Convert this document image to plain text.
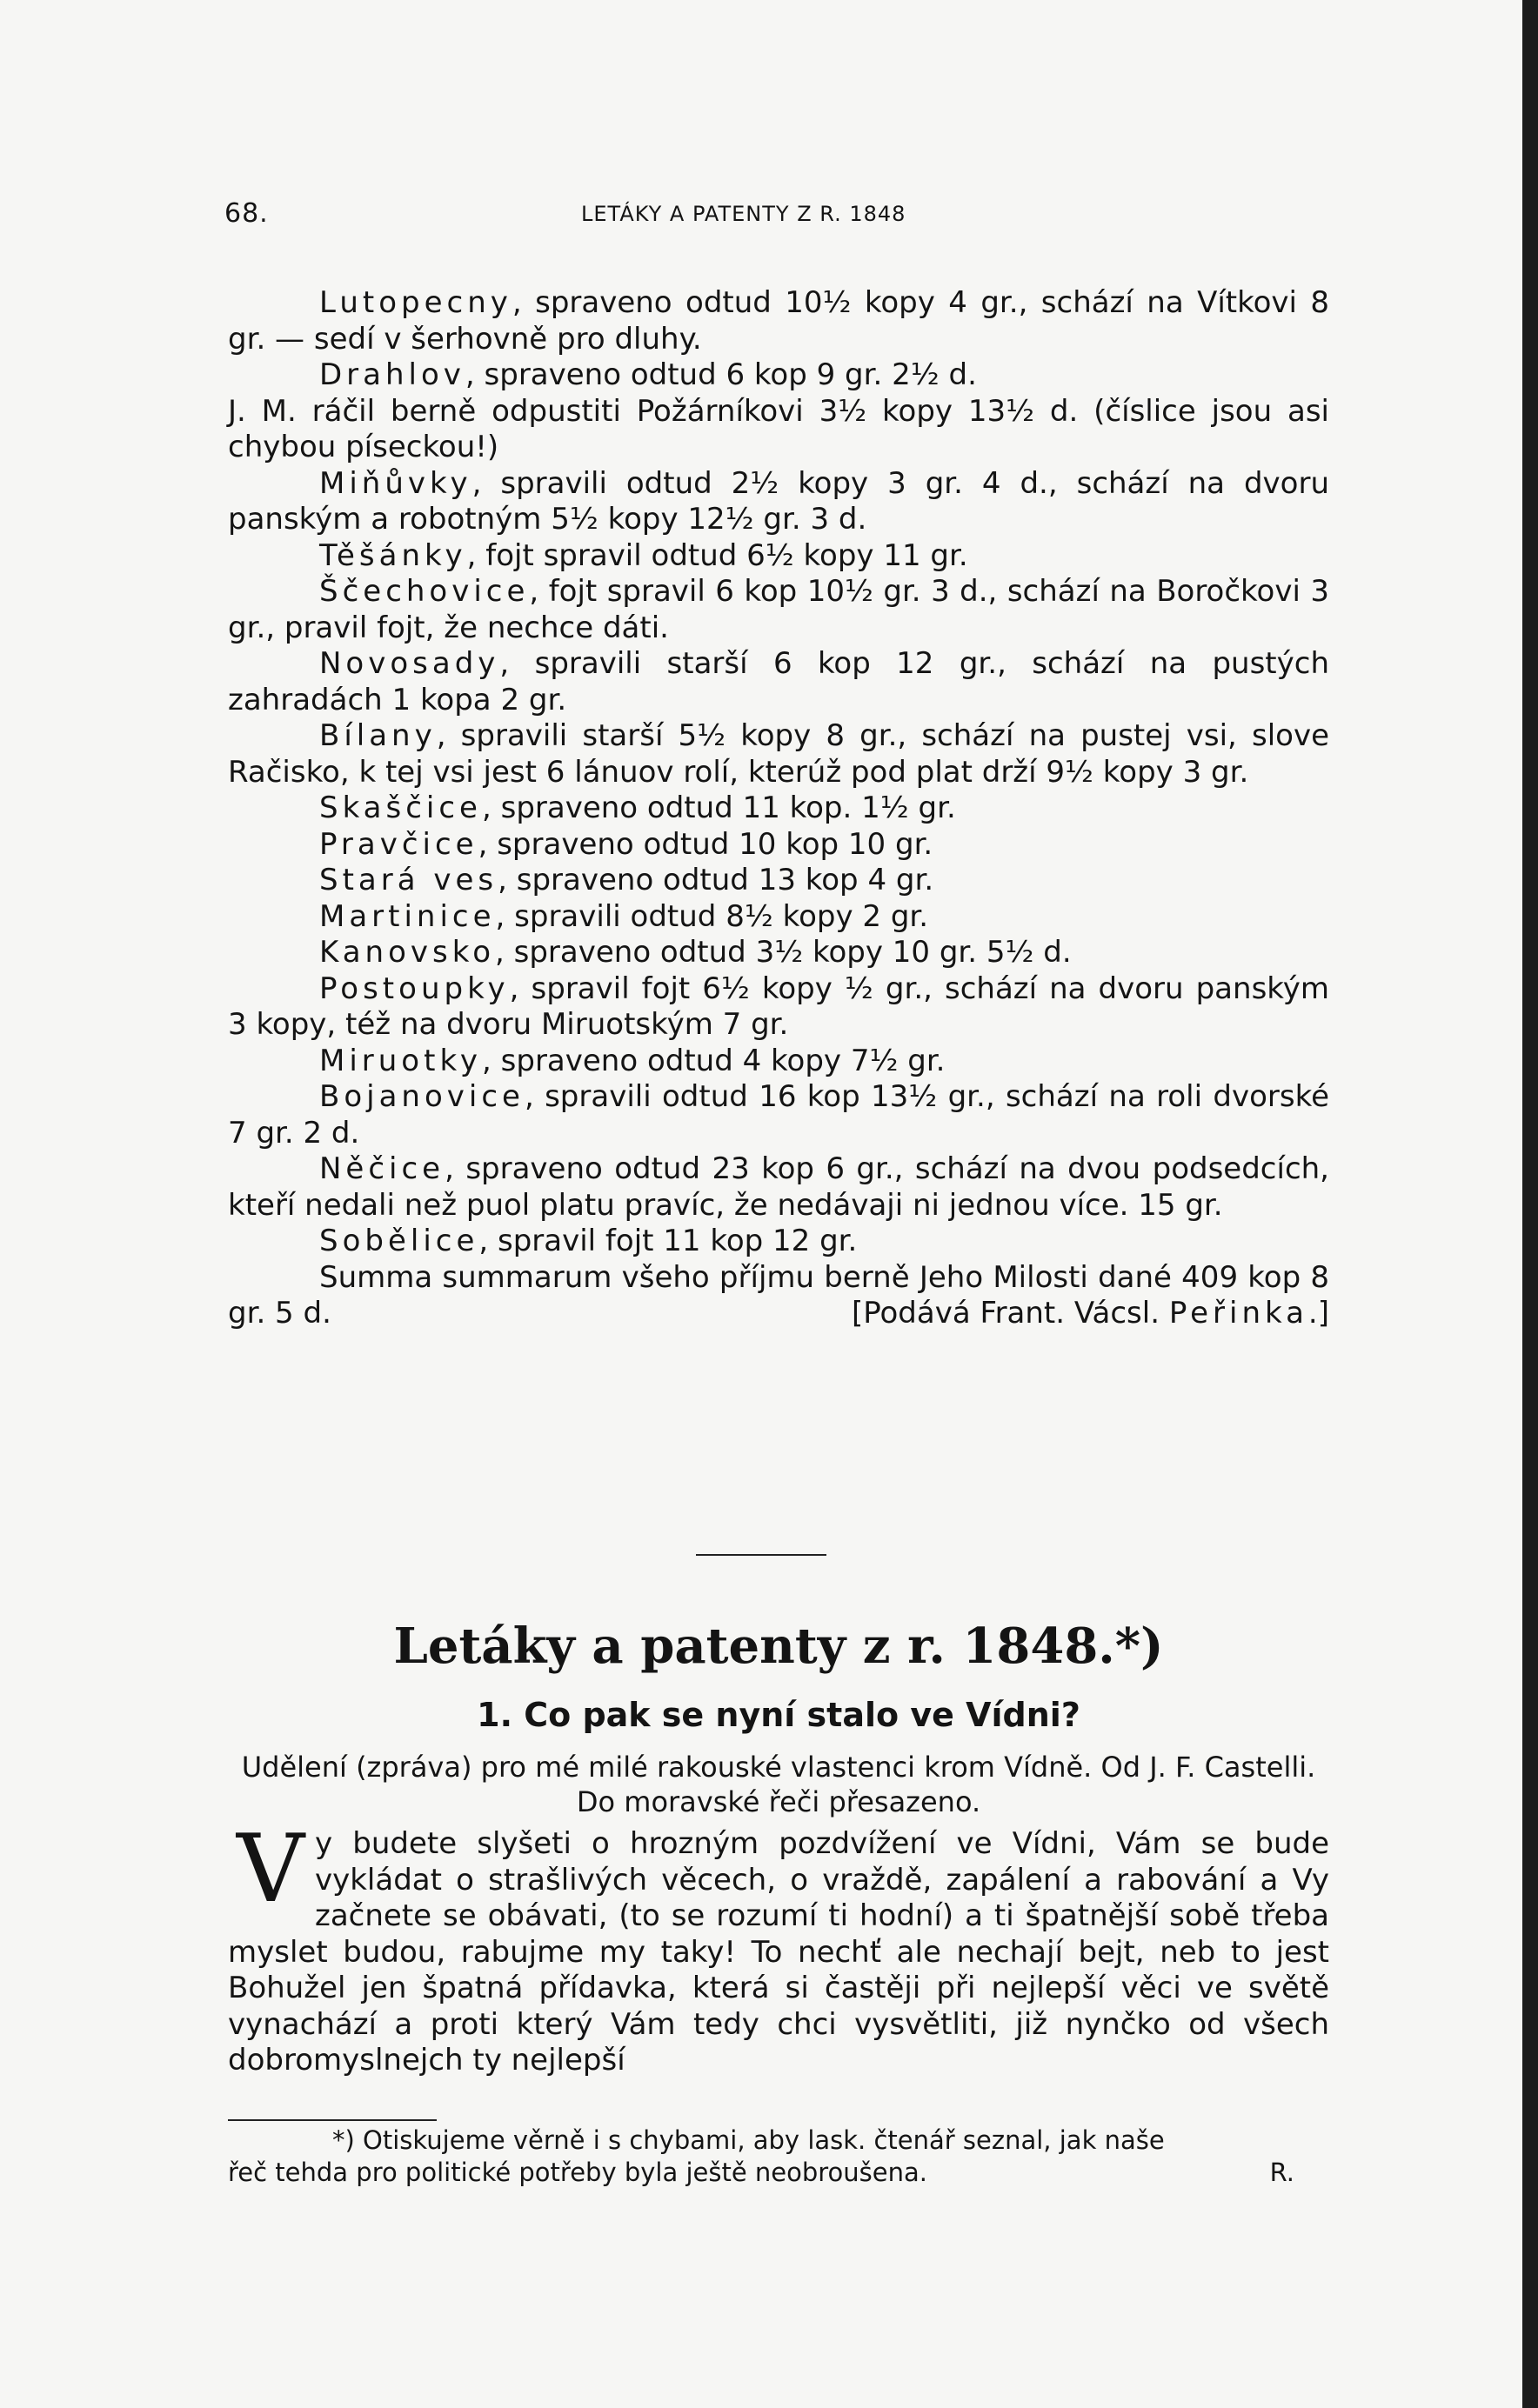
68.	LETÁKY A PATENTY Z R. 1848
Lutopecny, spraveno odtud 10½ kopy 4 gr., schází na Vítkovi 8 gr. — sedí v šerhovně pro dluhy.
Drahlov, spraveno odtud 6 kop 9 gr. 2½ d.
J. M. ráčil berně odpustiti Požárníkovi 3½ kopy 13½ d. (číslice jsou asi chybou píseckou!)
Miňůvky, spravili odtud 2½ kopy 3 gr. 4 d., schází na dvoru panským a robotným 5½ kopy 12½ gr. 3 d.
Těšánky, fojt spravil odtud 6½ kopy 11 gr.
Ščechovice, fojt spravil 6 kop 10½ gr. 3 d., schází na Boročkovi 3 gr., pravil fojt, že nechce dáti.
Novosady, spravili starší 6 kop 12 gr., schází na pustých zahradách 1 kopa 2 gr.
Bílany, spravili starší 5½ kopy 8 gr., schází na pustej vsi, slove Račisko, k tej vsi jest 6 lánuov rolí, kterúž pod plat drží 9½ kopy 3 gr.
Skaščice, spraveno odtud 11 kop. 1½ gr.
Pravčice, spraveno odtud 10 kop 10 gr.
Stará ves, spraveno odtud 13 kop 4 gr.
Martinice, spravili odtud 8½ kopy 2 gr.
Kanovsko, spraveno odtud 3½ kopy 10 gr. 5½ d.
Postoupky, spravil fojt 6½ kopy ½ gr., schází na dvoru panským 3 kopy, též na dvoru Miruotským 7 gr.
Miruotky, spraveno odtud 4 kopy 7½ gr.
Bojanovice, spravili odtud 16 kop 13½ gr., schází na roli dvorské 7 gr. 2 d.
Něčice, spraveno odtud 23 kop 6 gr., schází na dvou podsedcích, kteří nedali než puol platu pravíc, že nedávaji ni jednou více. 15 gr.
Sobělice, spravil fojt 11 kop 12 gr.
Summa summarum všeho příjmu berně Jeho Milosti dané 409 kop 8 gr. 5 d.	[Podává Frant. Vácsl. Peřinka.]
Letáky a patenty z r. 1848.*)
1. Co pak se nyní stalo ve Vídni?
Udělení (zpráva) pro mé milé rakouské vlastenci krom Vídně. Od J. F. Castelli. Do moravské řeči přesazeno.
V y budete slyšeti o hrozným pozdvížení ve Vídni, Vám se bude vykládat o strašlivých věcech, o vraždě, zapálení a rabování a Vy začnete se obávati, (to se rozumí ti hodní) a ti špatnější sobě třeba myslet budou, rabujme my taky! To nechť ale nechají bejt, neb to jest Bohužel jen špatná přídavka, která si častěji při nejlepší věci ve světě vynachází a proti který Vám tedy chci vysvětliti, již nynčko od všech dobromyslnejch ty nejlepší
*) Otiskujeme věrně i s chybami, aby lask. čtenář seznal, jak naše
řeč tehda pro politické potřeby byla ještě neobroušena.	R.
